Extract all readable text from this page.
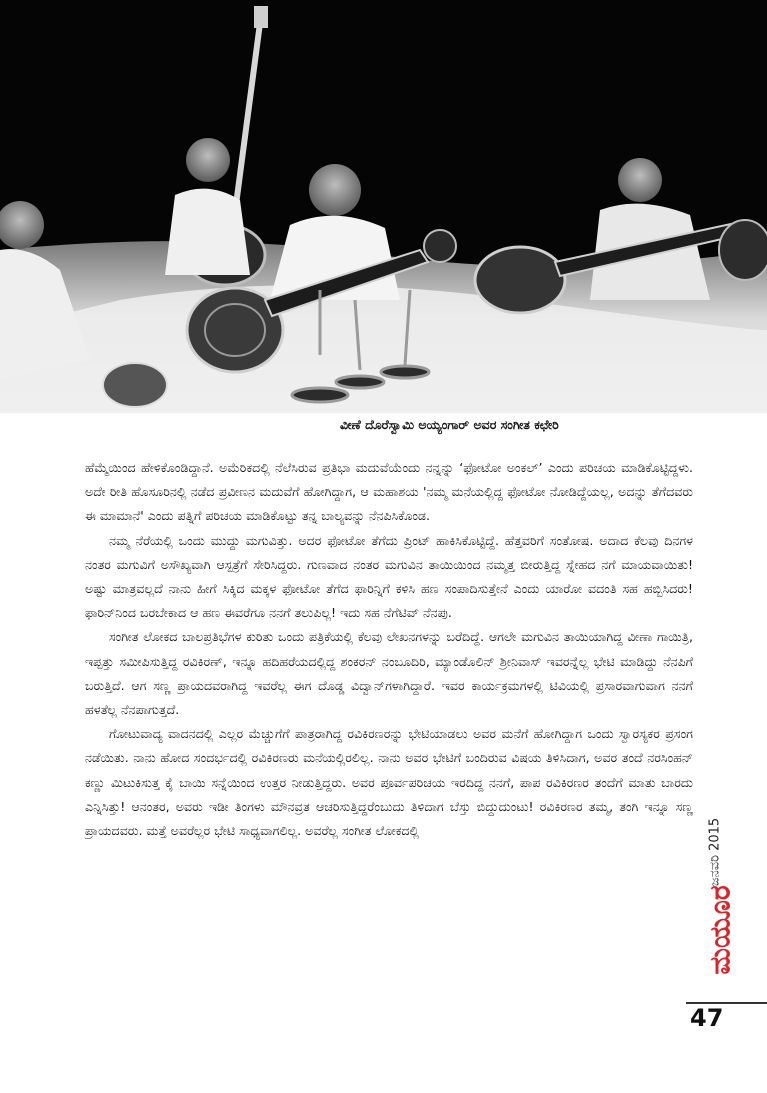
ವೀಣೆ ದೊರೆಸ್ವಾಮಿ ಅಯ್ಯಂಗಾರ್ ಅವರ ಸಂಗೀತ ಕಛೇರಿ

ಹೆಮ್ಮೆಯಿಂದ ಹೇಳಿಕೊಂಡಿದ್ದಾನೆ. ಅಮೆರಿಕದಲ್ಲಿ ನೆಲೆಸಿರುವ ಪ್ರತಿಭಾ ಮದುವೆಯೆಂದು ನನ್ನನ್ನು ‘ಫೋಟೋ ಅಂಕಲ್’ ಎಂದು ಪರಿಚಯ ಮಾಡಿಕೊಟ್ಟಿದ್ದಳು. ಅದೇ ರೀತಿ ಹೊಸೂರಿನಲ್ಲಿ ನಡೆದ ಪ್ರವೀಣನ ಮದುವೆಗೆ ಹೋಗಿದ್ದಾಗ, ಆ ಮಹಾಶಯ 'ನಮ್ಮ ಮನೆಯಲ್ಲಿದ್ದ ಫೋಟೋ ನೋಡಿದ್ದೆಯಲ್ಲ, ಅದನ್ನು ತೆಗೆದವರು ಈ ಮಾಮಾನೆ' ಎಂದು ಪತ್ನಿಗೆ ಪರಿಚಯ ಮಾಡಿಕೊಟ್ಟು ತನ್ನ ಬಾಲ್ಯವನ್ನು ನೆನಪಿಸಿಕೊಂಡ.

ನಮ್ಮ ನೆರೆಯಲ್ಲಿ ಒಂದು ಮುದ್ದು ಮಗುವಿತ್ತು. ಅದರ ಫೋಟೋ ತೆಗೆದು ಪ್ರಿಂಟ್ ಹಾಕಿಸಿಕೊಟ್ಟಿದ್ದೆ. ಹೆತ್ತವರಿಗೆ ಸಂತೋಷ. ಅದಾದ ಕೆಲವು ದಿನಗಳ ನಂತರ ಮಗುವಿಗೆ ಅಸೌಖ್ಯವಾಗಿ ಆಸ್ಪತ್ರೆಗೆ ಸೇರಿಸಿದ್ದರು. ಗುಣವಾದ ನಂತರ ಮಗುವಿನ ತಾಯಿಯಿಂದ ನಮ್ಮತ್ತ ಬೀರುತ್ತಿದ್ದ ಸ್ನೇಹದ ನಗೆ ಮಾಯವಾಯಿತು! ಅಷ್ಟು ಮಾತ್ರವಲ್ಲದೆ ನಾನು ಹೀಗೆ ಸಿಕ್ಕಿದ ಮಕ್ಕಳ ಫೋಟೋ ತೆಗೆದ ಫಾರಿನ್ನಿಗೆ ಕಳಿಸಿ ಹಣ ಸಂಪಾದಿಸುತ್ತೇನೆ ಎಂದು ಯಾರೋ ವದಂತಿ ಸಹ ಹಬ್ಬಿಸಿದರು! ಫಾರಿನ್‌ನಿಂದ ಬರಬೇಕಾದ ಆ ಹಣ ಈವರೆಗೂ ನನಗೆ ತಲುಪಿಲ್ಲ! ಇದು ಸಹ ನೆಗೆಟಿವ್ ನೆನಪು.

ಸಂಗೀತ ಲೋಕದ ಬಾಲಪ್ರತಿಭೆಗಳ ಕುರಿತು ಒಂದು ಪತ್ರಿಕೆಯಲ್ಲಿ ಕೆಲವು ಲೇಖನಗಳನ್ನು ಬರೆದಿದ್ದೆ. ಆಗಲೇ ಮಗುವಿನ ತಾಯಿಯಾಗಿದ್ದ ವೀಣಾ ಗಾಯಿತ್ರಿ, ಇಪ್ಪತ್ತು ಸಮೀಪಿಸುತ್ತಿದ್ದ ರವಿಕಿರಣ್, ಇನ್ನೂ ಹದಿಹರೆಯದಲ್ಲಿದ್ದ ಶಂಕರನ್ ನಂಬೂದಿರಿ, ಮ್ಯಾಂಡೊಲಿನ್ ಶ್ರೀನಿವಾಸ್ ಇವರನ್ನೆಲ್ಲ ಭೇಟಿ ಮಾಡಿದ್ದು ನೆನಪಿಗೆ ಬರುತ್ತಿದೆ. ಆಗ ಸಣ್ಣ ಪ್ರಾಯದವರಾಗಿದ್ದ ಇವರೆಲ್ಲ ಈಗ ದೊಡ್ಡ ವಿದ್ವಾನ್‌ಗಳಾಗಿದ್ದಾರೆ. ಇವರ ಕಾರ್ಯಕ್ರಮಗಳಲ್ಲಿ ಟಿವಿಯಲ್ಲಿ ಪ್ರಸಾರವಾಗುವಾಗ ನನಗೆ ಹಳತೆಲ್ಲ ನೆನಪಾಗುತ್ತದೆ.

ಗೋಟುವಾದ್ಯ ವಾದನದಲ್ಲಿ ಎಲ್ಲರ ಮೆಚ್ಚುಗೆಗೆ ಪಾತ್ರರಾಗಿದ್ದ ರವಿಕಿರಣರನ್ನು ಭೇಟಿಯಾಡಲು ಅವರ ಮನೆಗೆ ಹೋಗಿದ್ದಾಗ ಒಂದು ಸ್ವಾರಸ್ಯಕರ ಪ್ರಸಂಗ ನಡೆಯಿತು. ನಾನು ಹೋದ ಸಂದರ್ಭದಲ್ಲಿ ರವಿಕಿರಣರು ಮನೆಯಲ್ಲಿರಲಿಲ್ಲ. ನಾನು ಅವರ ಭೇಟಿಗೆ ಬಂದಿರುವ ವಿಷಯ ತಿಳಿಸಿದಾಗ, ಅವರ ತಂದೆ ನರಸಿಂಹನ್ ಕಣ್ಣು ಮಿಟುಕಿಸುತ್ತ ಕೈ ಬಾಯಿ ಸನ್ನೆಯಿಂದ ಉತ್ತರ ನೀಡುತ್ತಿದ್ದರು. ಅವರ ಪೂರ್ವಪರಿಚಯ ಇರದಿದ್ದ ನನಗೆ, ಪಾಪ ರವಿಕಿರಣರ ತಂದೆಗೆ ಮಾತು ಬಾರದು ಎನ್ನಿಸಿತ್ತು! ಆನಂತರ, ಅವರು ಇಡೀ ತಿಂಗಳು ಮೌನವ್ರತ ಆಚರಿಸುತ್ತಿದ್ದರೆಂಬುದು ತಿಳಿದಾಗ ಬೆಸ್ತು ಬಿದ್ದುದುಂಟು! ರವಿಕಿರಣರ ತಮ್ಮ, ತಂಗಿ ಇನ್ನೂ ಸಣ್ಣ ಪ್ರಾಯದವರು. ಮತ್ತೆ ಅವರೆಲ್ಲರ ಭೇಟಿ ಸಾಧ್ಯವಾಗಲಿಲ್ಲ. ಅವರೆಲ್ಲ ಸಂಗೀತ ಲೋಕದಲ್ಲಿ	ಜನವರಿ 2015
ಮಯೂರ
47
